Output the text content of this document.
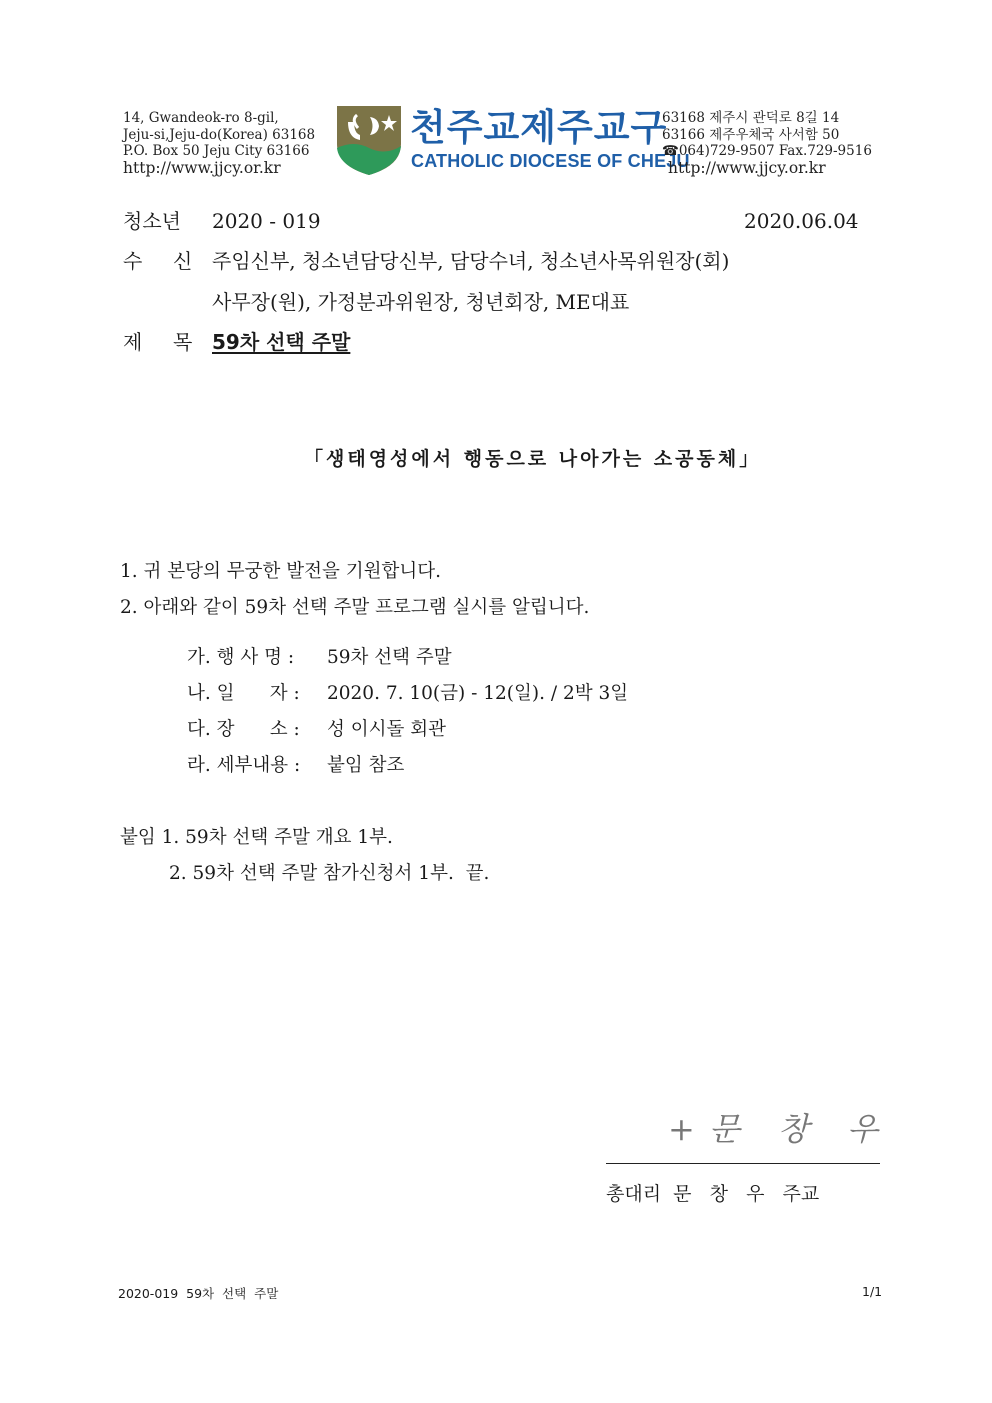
14, Gwandeok-ro 8-gil,
Jeju-si,Jeju-do(Korea) 63168
P.O. Box 50 Jeju City 63166
http://www.jjcy.or.kr
천주교제주교구
CATHOLIC DIOCESE OF CHEJU
63168 제주시 관덕로 8길 14
63166 제주우체국 사서함 50
☎064)729-9507 Fax.729-9516
http://www.jjcy.or.kr
청소년 2020 - 019	2020.06.04
수  신 주임신부, 청소년담당신부, 담당수녀, 청소년사목위원장(회)
사무장(원), 가정분과위원장, 청년회장, ME대표
제  목 59차 선택 주말
「생태영성에서 행동으로 나아가는 소공동체」
1. 귀 본당의 무궁한 발전을 기원합니다.
2. 아래와 같이 59차 선택 주말 프로그램 실시를 알립니다.
가. 행 사 명 : 59차 선택 주말
나. 일      자 : 2020. 7. 10(금) - 12(일). / 2박 3일
다. 장      소 : 성 이시돌 회관
라. 세부내용 : 붙임 참조
붙임 1. 59차 선택 주말 개요 1부.
2. 59차 선택 주말 참가신청서 1부.  끝.
+문 창 우
총대리  문   창   우   주교
2020-019  59차  선택  주말	1/1
